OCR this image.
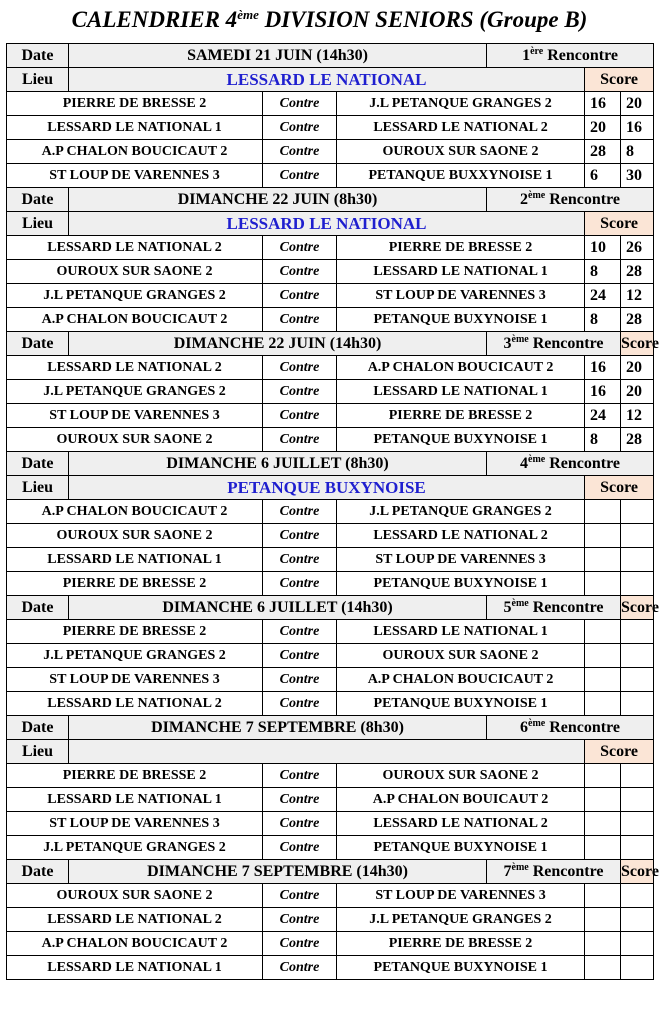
CALENDRIER 4ème DIVISION SENIORS (Groupe B)
Date	SAMEDI 21 JUIN (14h30)			1ère Rencontre		
Lieu	LESSARD LE NATIONAL				Score	
PIERRE DE BRESSE 2		Contre	J.L PETANQUE GRANGES 2		16	20
LESSARD LE NATIONAL 1		Contre	LESSARD LE NATIONAL 2		20	16
A.P CHALON BOUCICAUT 2		Contre	OUROUX SUR SAONE 2		28	8
ST LOUP DE VARENNES 3		Contre	PETANQUE BUXXYNOISE 1		6	30
Date	DIMANCHE 22 JUIN (8h30)			2ème Rencontre		
Lieu	LESSARD LE NATIONAL				Score	
LESSARD LE NATIONAL 2		Contre	PIERRE DE BRESSE 2		10	26
OUROUX SUR SAONE 2		Contre	LESSARD LE NATIONAL 1		8	28
J.L PETANQUE GRANGES 2		Contre	ST LOUP DE VARENNES 3		24	12
A.P CHALON BOUCICAUT 2		Contre	PETANQUE BUXYNOISE 1		8	28
Date	DIMANCHE 22 JUIN (14h30)			3ème Rencontre		Score
LESSARD LE NATIONAL 2		Contre	A.P CHALON BOUCICAUT 2		16	20
J.L PETANQUE GRANGES 2		Contre	LESSARD LE NATIONAL 1		16	20
ST LOUP DE VARENNES 3		Contre	PIERRE DE BRESSE 2		24	12
OUROUX SUR SAONE 2		Contre	PETANQUE BUXYNOISE 1		8	28
Date	DIMANCHE 6 JUILLET (8h30)			4ème Rencontre		
Lieu	PETANQUE BUXYNOISE				Score	
A.P CHALON BOUCICAUT 2		Contre	J.L PETANQUE GRANGES 2			
OUROUX SUR SAONE 2		Contre	LESSARD LE NATIONAL 2			
LESSARD LE NATIONAL 1		Contre	ST LOUP DE VARENNES 3			
PIERRE DE BRESSE 2		Contre	PETANQUE BUXYNOISE 1			
Date	DIMANCHE 6 JUILLET (14h30)			5ème Rencontre		Score
PIERRE DE BRESSE 2		Contre	LESSARD LE NATIONAL 1			
J.L PETANQUE GRANGES 2		Contre	OUROUX SUR SAONE 2			
ST LOUP DE VARENNES 3		Contre	A.P CHALON BOUCICAUT 2			
LESSARD LE NATIONAL 2		Contre	PETANQUE BUXYNOISE 1			
Date	DIMANCHE 7 SEPTEMBRE (8h30)			6ème Rencontre		
Lieu					Score	
PIERRE DE BRESSE 2		Contre	OUROUX SUR SAONE 2			
LESSARD LE NATIONAL 1		Contre	A.P CHALON BOUICAUT 2			
ST LOUP DE VARENNES 3		Contre	LESSARD LE NATIONAL 2			
J.L PETANQUE GRANGES 2		Contre	PETANQUE BUXYNOISE 1			
Date	DIMANCHE 7 SEPTEMBRE (14h30)			7ème Rencontre		Score
OUROUX SUR SAONE 2		Contre	ST LOUP DE VARENNES 3			
LESSARD LE NATIONAL 2		Contre	J.L PETANQUE GRANGES 2			
A.P CHALON BOUCICAUT 2		Contre	PIERRE DE BRESSE 2			
LESSARD LE NATIONAL 1		Contre	PETANQUE BUXYNOISE 1			
